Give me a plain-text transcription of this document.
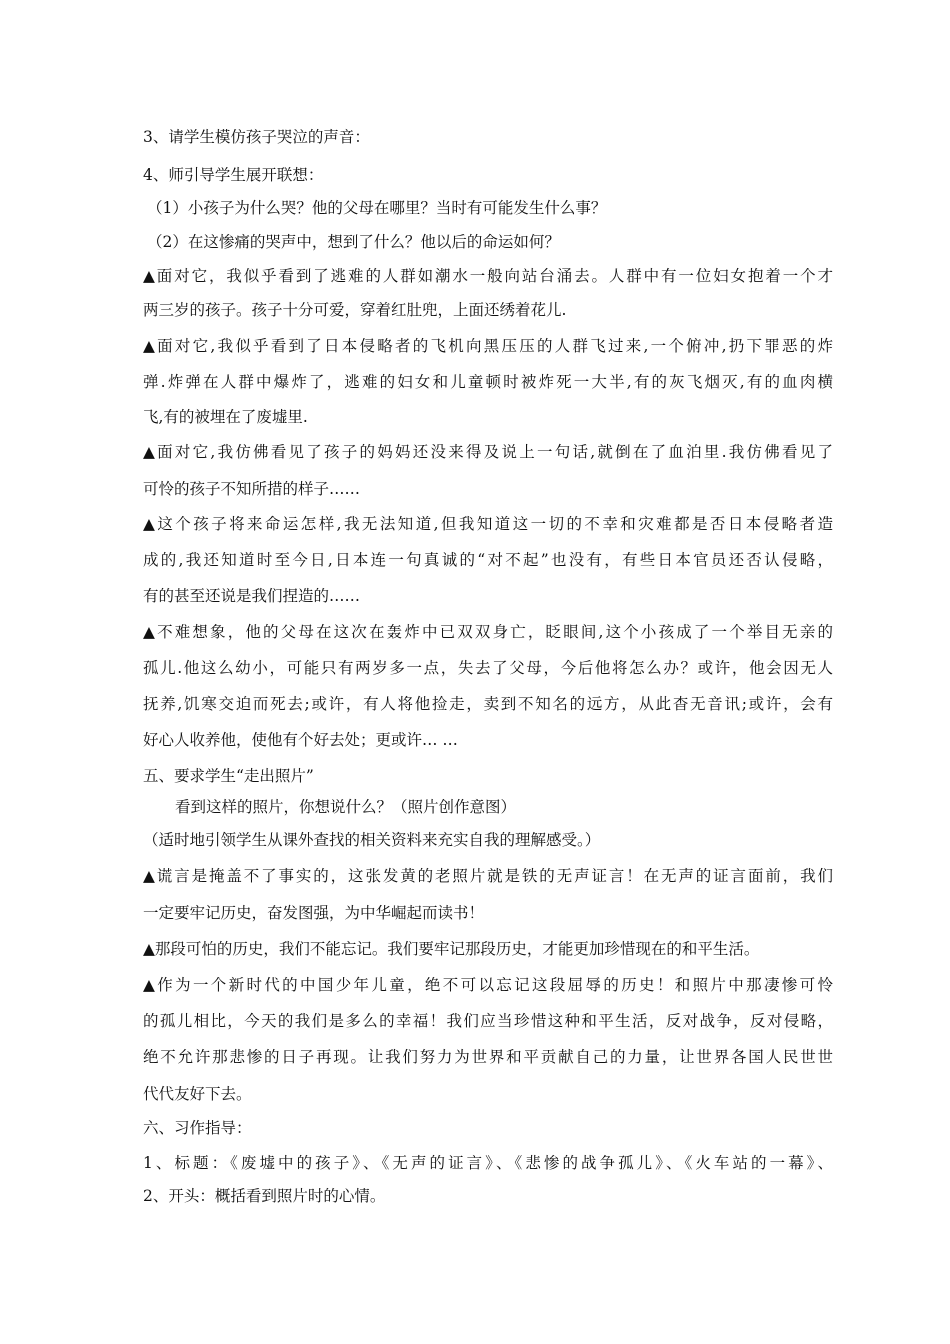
3、请学生模仿孩子哭泣的声音：
4、师引导学生展开联想：
（1）小孩子为什么哭？他的父母在哪里？当时有可能发生什么事？
（2）在这惨痛的哭声中，想到了什么？他以后的命运如何？
▲面对它，我似乎看到了逃难的人群如潮水一般向站台涌去。人群中有一位妇女抱着一个才
两三岁的孩子。孩子十分可爱，穿着红肚兜，上面还绣着花儿.
▲面对它,我似乎看到了日本侵略者的飞机向黑压压的人群飞过来,一个俯冲,扔下罪恶的炸
弹.炸弹在人群中爆炸了，逃难的妇女和儿童顿时被炸死一大半,有的灰飞烟灭,有的血肉横
飞,有的被埋在了废墟里.
▲面对它,我仿佛看见了孩子的妈妈还没来得及说上一句话,就倒在了血泊里.我仿佛看见了
可怜的孩子不知所措的样子……
▲这个孩子将来命运怎样,我无法知道,但我知道这一切的不幸和灾难都是否日本侵略者造
成的,我还知道时至今日,日本连一句真诚的“对不起”也没有，有些日本官员还否认侵略，
有的甚至还说是我们捏造的……
▲不难想象，他的父母在这次在轰炸中已双双身亡，眨眼间,这个小孩成了一个举目无亲的
孤儿.他这么幼小，可能只有两岁多一点，失去了父母，今后他将怎么办？或许，他会因无人
抚养,饥寒交迫而死去;或许，有人将他捡走，卖到不知名的远方，从此杳无音讯;或许，会有
好心人收养他，使他有个好去处；更或许… …
五、要求学生“走出照片”
看到这样的照片，你想说什么？（照片创作意图）
（适时地引领学生从课外查找的相关资料来充实自我的理解感受。）
▲谎言是掩盖不了事实的，这张发黄的老照片就是铁的无声证言！在无声的证言面前，我们
一定要牢记历史，奋发图强，为中华崛起而读书！
▲那段可怕的历史，我们不能忘记。我们要牢记那段历史，才能更加珍惜现在的和平生活。
▲作为一个新时代的中国少年儿童，绝不可以忘记这段屈辱的历史！和照片中那凄惨可怜
的孤儿相比，今天的我们是多么的幸福！我们应当珍惜这种和平生活，反对战争，反对侵略，
绝不允许那悲惨的日子再现。让我们努力为世界和平贡献自己的力量，让世界各国人民世世
代代友好下去。
六、习作指导：
1、标题：《废墟中的孩子》、《无声的证言》、《悲惨的战争孤儿》、《火车站的一幕》、
2、开头：概括看到照片时的心情。
